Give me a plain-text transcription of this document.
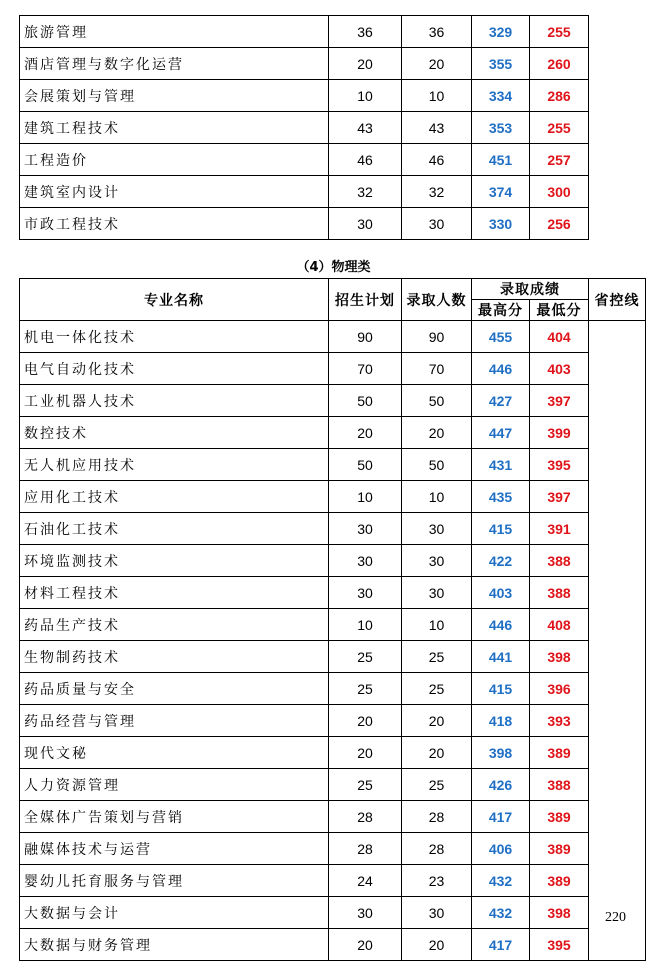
旅游管理	36	36	329	255
酒店管理与数字化运营	20	20	355	260
会展策划与管理	10	10	334	286
建筑工程技术	43	43	353	255
工程造价	46	46	451	257
建筑室内设计	32	32	374	300
市政工程技术	30	30	330	256
（4）物理类
专业名称	招生计划	录取人数	录取成绩		省控线
			最高分	最低分	
机电一体化技术	90	90	455	404	
电气自动化技术	70	70	446	403	
工业机器人技术	50	50	427	397	
数控技术	20	20	447	399	
无人机应用技术	50	50	431	395	
应用化工技术	10	10	435	397	
石油化工技术	30	30	415	391	
环境监测技术	30	30	422	388	
材料工程技术	30	30	403	388	
药品生产技术	10	10	446	408	
生物制药技术	25	25	441	398	
药品质量与安全	25	25	415	396	
药品经营与管理	20	20	418	393	
现代文秘	20	20	398	389	
人力资源管理	25	25	426	388	
全媒体广告策划与营销	28	28	417	389	
融媒体技术与运营	28	28	406	389	
婴幼儿托育服务与管理	24	23	432	389	
大数据与会计	30	30	432	398	
大数据与财务管理	20	20	417	395	
220
